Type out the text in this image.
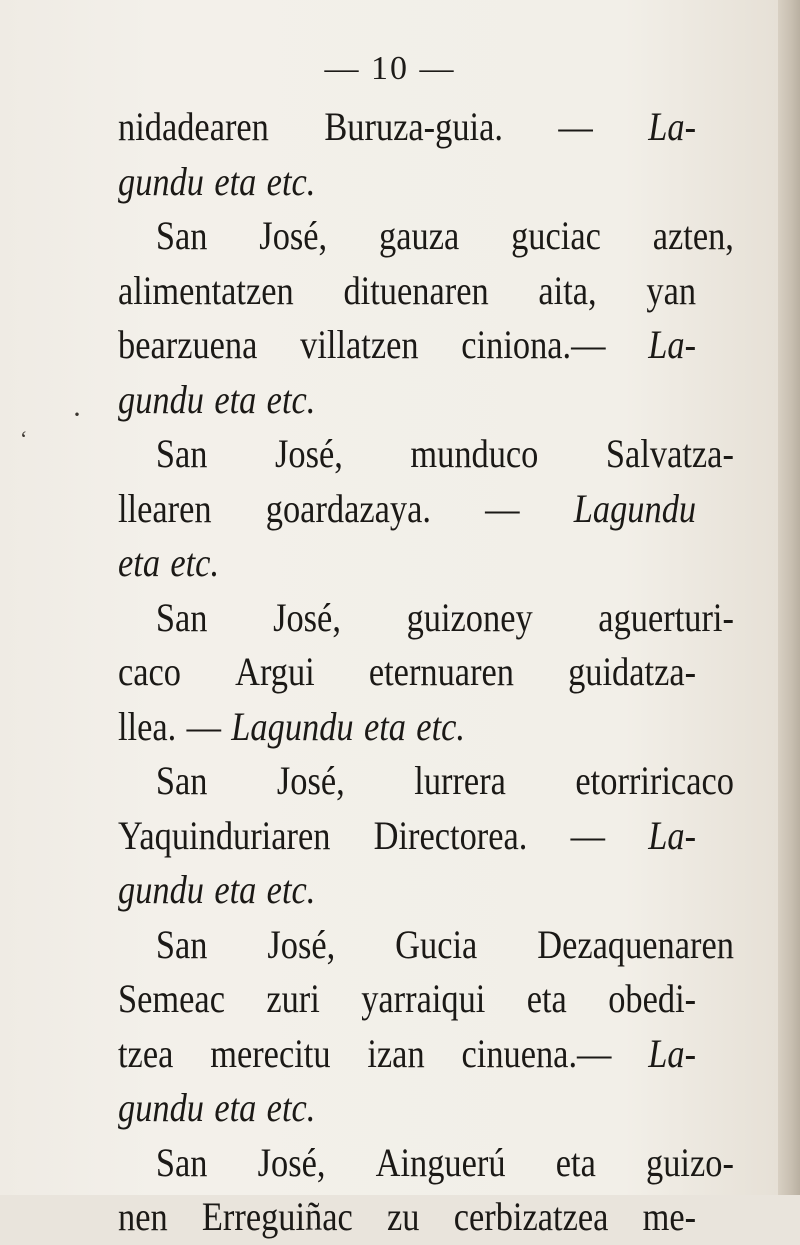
— 10 —
nidadearen Buruza-guia. — La-
gundu eta etc.
San José, gauza guciac azten,
alimentatzen dituenaren aita, yan
bearzuena villatzen ciniona.— La-
gundu eta etc.
San José, munduco Salvatza-
llearen goardazaya. — Lagundu
eta etc.
San José, guizoney aguerturi-
caco Argui eternuaren guidatza-
llea. — Lagundu eta etc.
San José, lurrera etorriricaco
Yaquinduriaren Directorea. — La-
gundu eta etc.
San José, Gucia Dezaquenaren
Semeac zuri yarraiqui eta obedi-
tzea merecitu izan cinuena.— La-
gundu eta etc.
San José, Ainguerú eta guizo-
nen Erreguiñac zu cerbizatzea me-
·
‘
